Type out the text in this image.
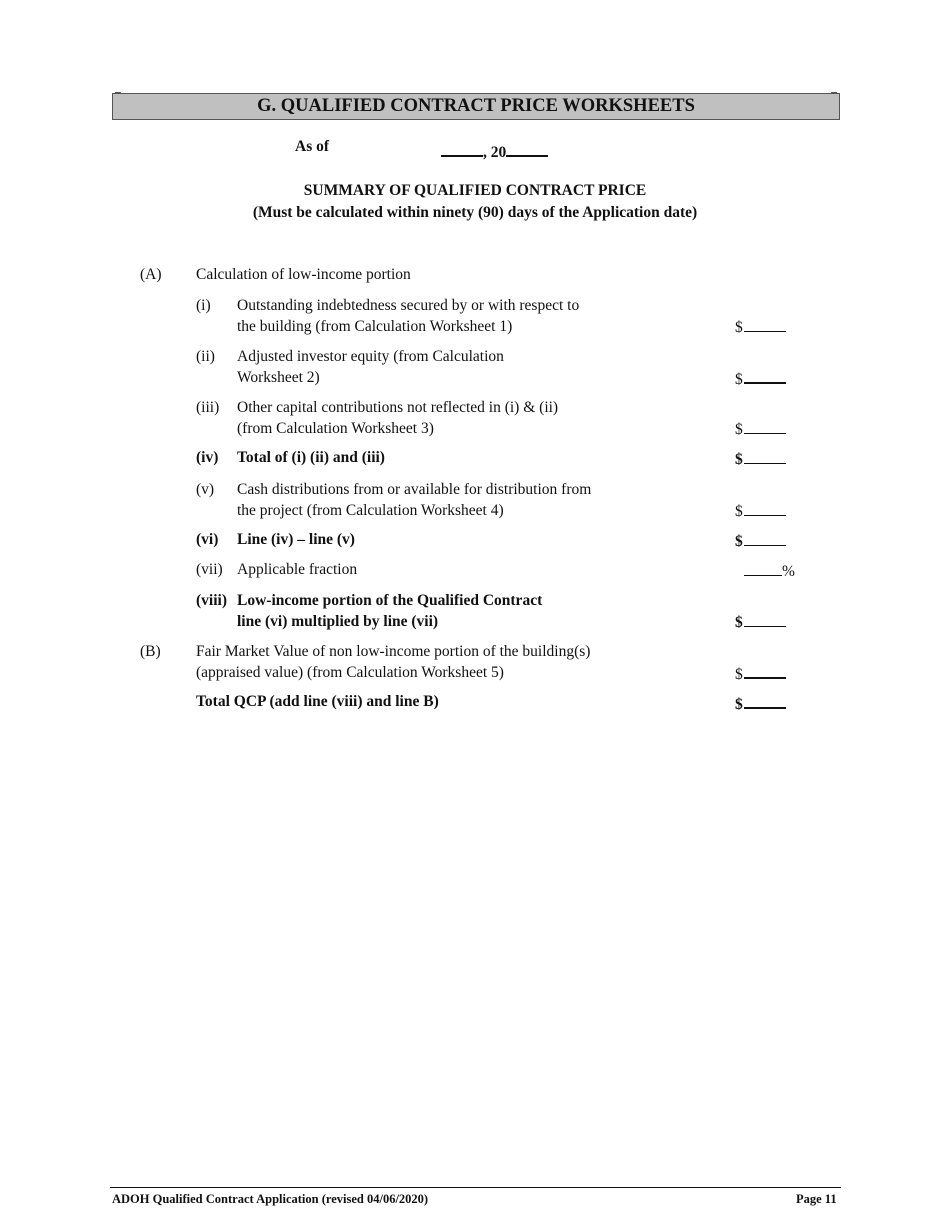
G. QUALIFIED CONTRACT PRICE WORKSHEETS
As of	, 20
SUMMARY OF QUALIFIED CONTRACT PRICE
(Must be calculated within ninety (90) days of the Application date)
(A) Calculation of low-income portion
(i) Outstanding indebtedness secured by or with respect to
the building (from Calculation Worksheet 1)	$
(ii) Adjusted investor equity (from Calculation
Worksheet 2)	$
(iii) Other capital contributions not reflected in (i) & (ii)
(from Calculation Worksheet 3)	$
(iv) Total of (i) (ii) and (iii)	$
(v) Cash distributions from or available for distribution from
the project (from Calculation Worksheet 4)	$
(vi) Line (iv) – line (v)	$
(vii) Applicable fraction	%
(viii) Low-income portion of the Qualified Contract
line (vi) multiplied by line (vii)	$
(B) Fair Market Value of non low-income portion of the building(s)
(appraised value) (from Calculation Worksheet 5)	$
Total QCP (add line (viii) and line B)	$
ADOH Qualified Contract Application (revised 04/06/2020)	Page 11
